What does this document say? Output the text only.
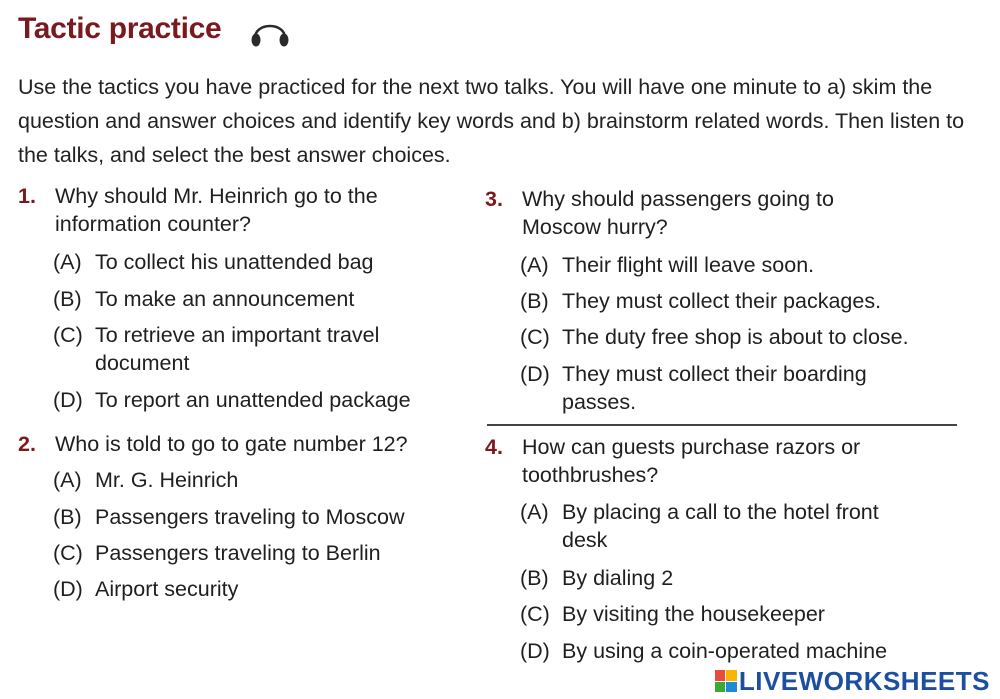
Tactic practice
Use the tactics you have practiced for the next two talks. You will have one minute to a) skim the question and answer choices and identify key words and b) brainstorm related words. Then listen to the talks, and select the best answer choices.
1. Why should Mr. Heinrich go to the information counter?
(A) To collect his unattended bag
(B) To make an announcement
(C) To retrieve an important travel document
(D) To report an unattended package
2. Who is told to go to gate number 12?
(A) Mr. G. Heinrich
(B) Passengers traveling to Moscow
(C) Passengers traveling to Berlin
(D) Airport security
3. Why should passengers going to Moscow hurry?
(A) Their flight will leave soon.
(B) They must collect their packages.
(C) The duty free shop is about to close.
(D) They must collect their boarding passes.
4. How can guests purchase razors or toothbrushes?
(A) By placing a call to the hotel front desk
(B) By dialing 2
(C) By visiting the housekeeper
(D) By using a coin-operated machine
LIVEWORKSHEETS
